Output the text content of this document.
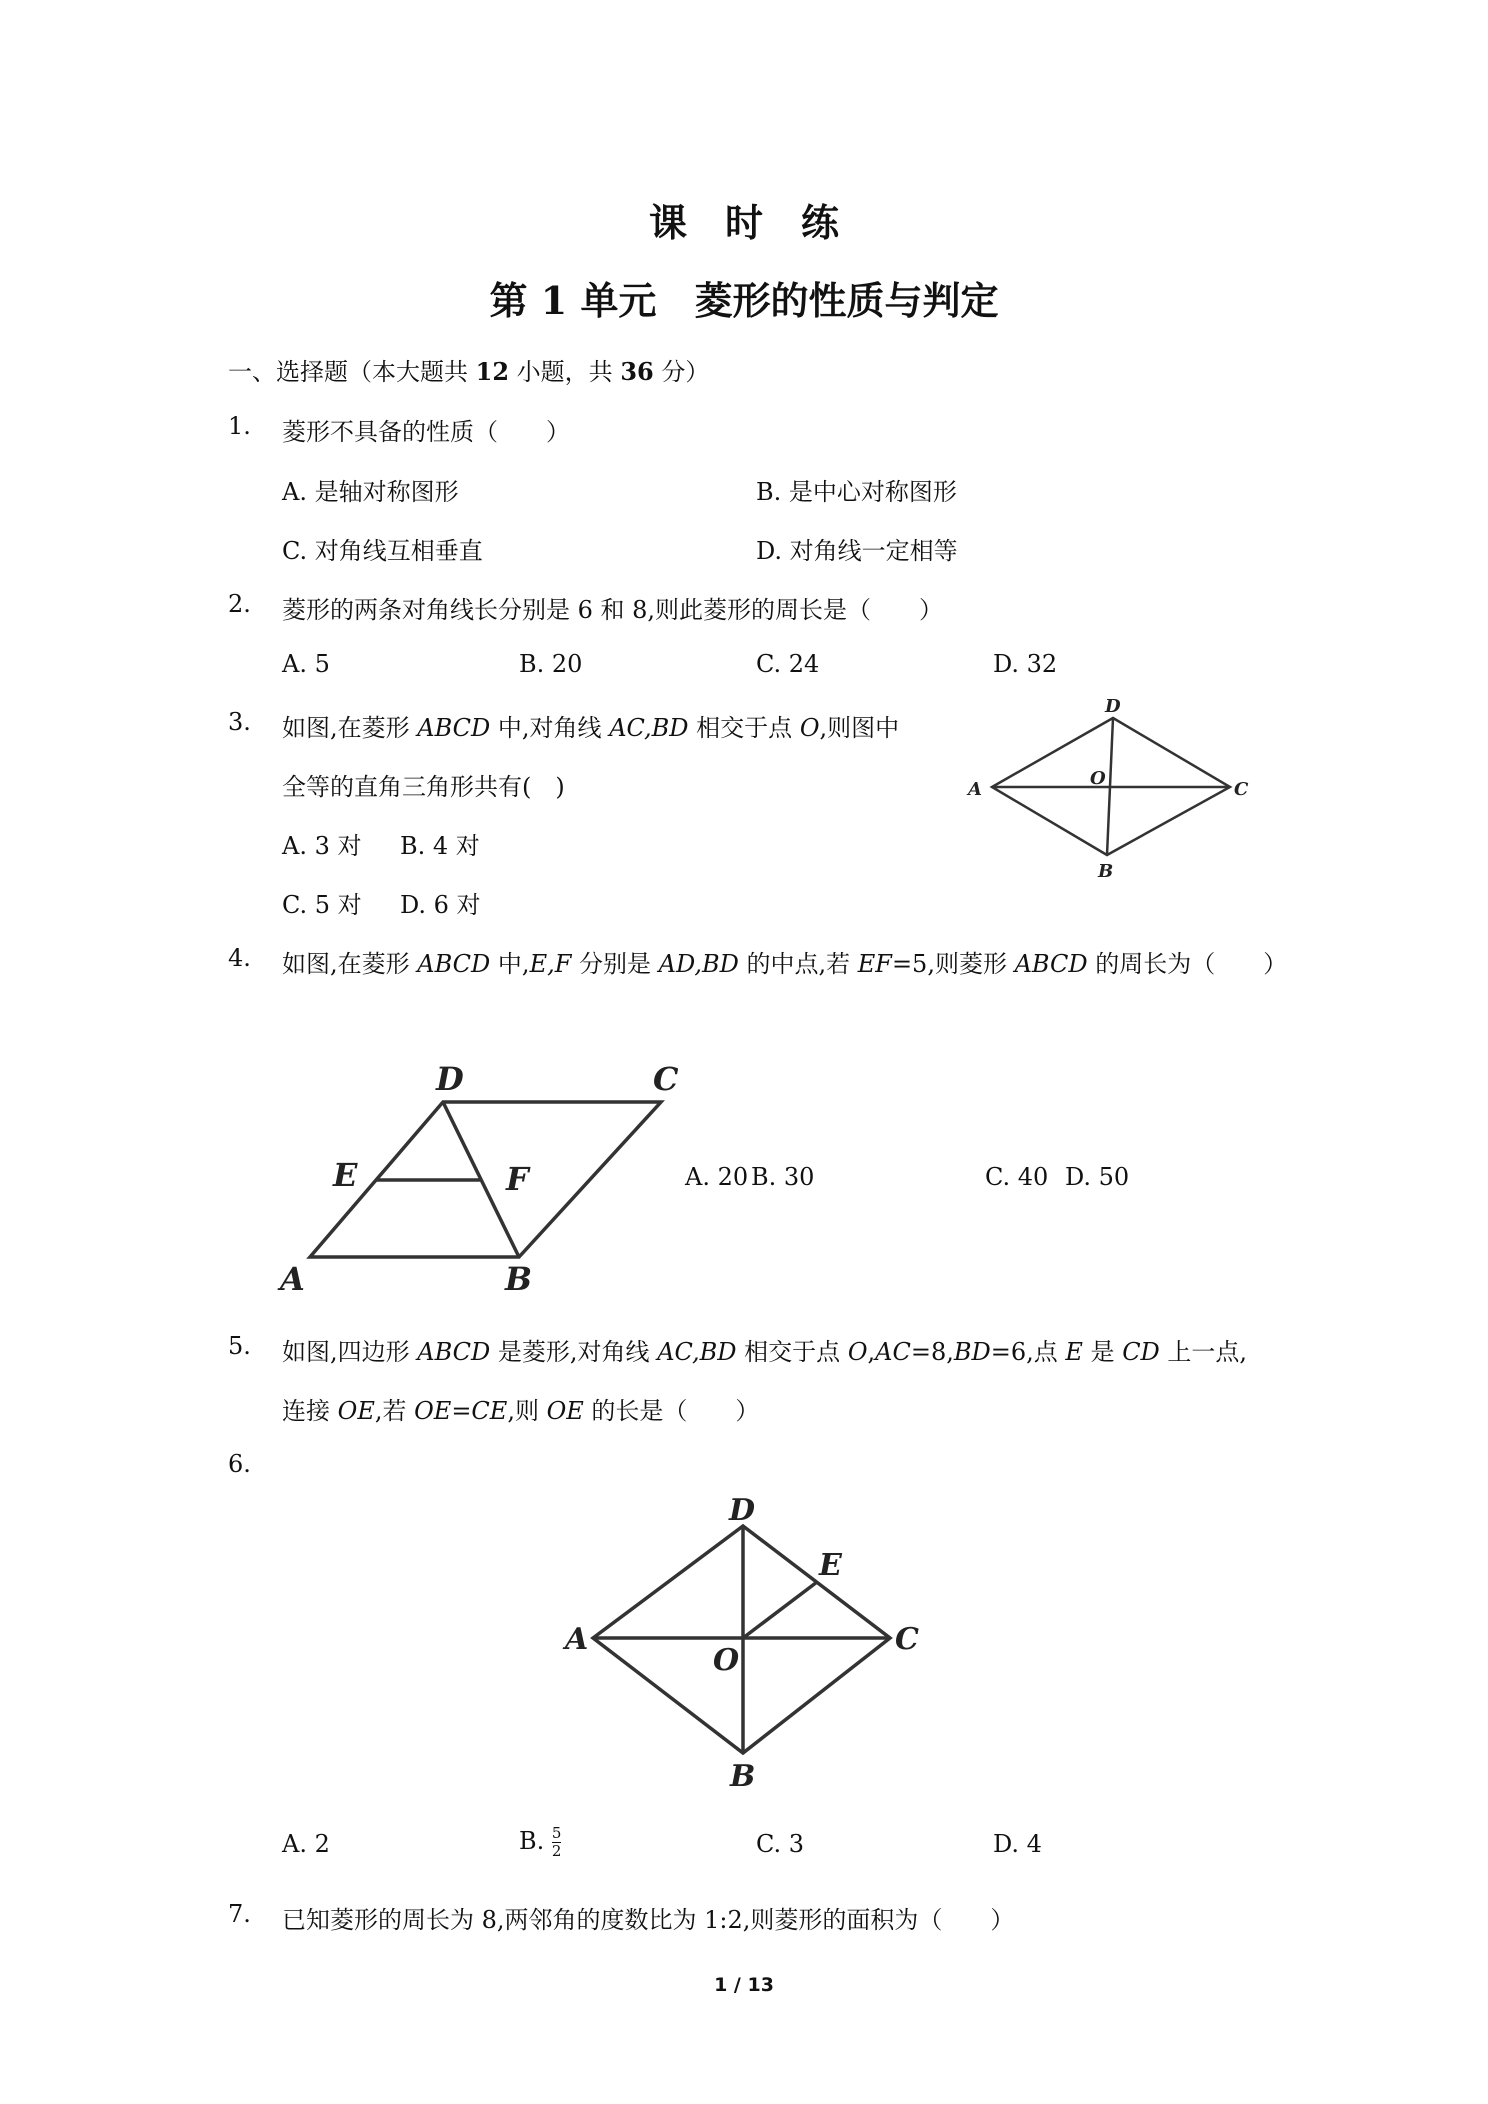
课时练
第 1 单元　菱形的性质与判定
一、选择题（本大题共 12 小题，共 36 分）
1. 菱形不具备的性质（　　）
A. 是轴对称图形	B. 是中心对称图形
C. 对角线互相垂直	D. 对角线一定相等
2. 菱形的两条对角线长分别是 6 和 8,则此菱形的周长是（　　）
A. 5	B. 20	C. 24	D. 32
3. 如图,在菱形 ABCD 中,对角线 AC,BD 相交于点 O,则图中
全等的直角三角形共有(　)
A. 3 对 B. 4 对
C. 5 对 D. 6 对
D
A
O
C
B
4. 如图,在菱形 ABCD 中,E,F 分别是 AD,BD 的中点,若 EF=5,则菱形 ABCD 的周长为（　　）
D	C
E	F
A	B
A. 20 B. 30	C. 40 D. 50
5. 如图,四边形 ABCD 是菱形,对角线 AC,BD 相交于点 O,AC=8,BD=6,点 E 是 CD 上一点,
连接 OE,若 OE=CE,则 OE 的长是（　　）
6.
D
E
A	C
O
B
A. 2	B. $\frac{5}{2}$	C. 3	D. 4
7. 已知菱形的周长为 8,两邻角的度数比为 1:2,则菱形的面积为（　　）
1 / 13
